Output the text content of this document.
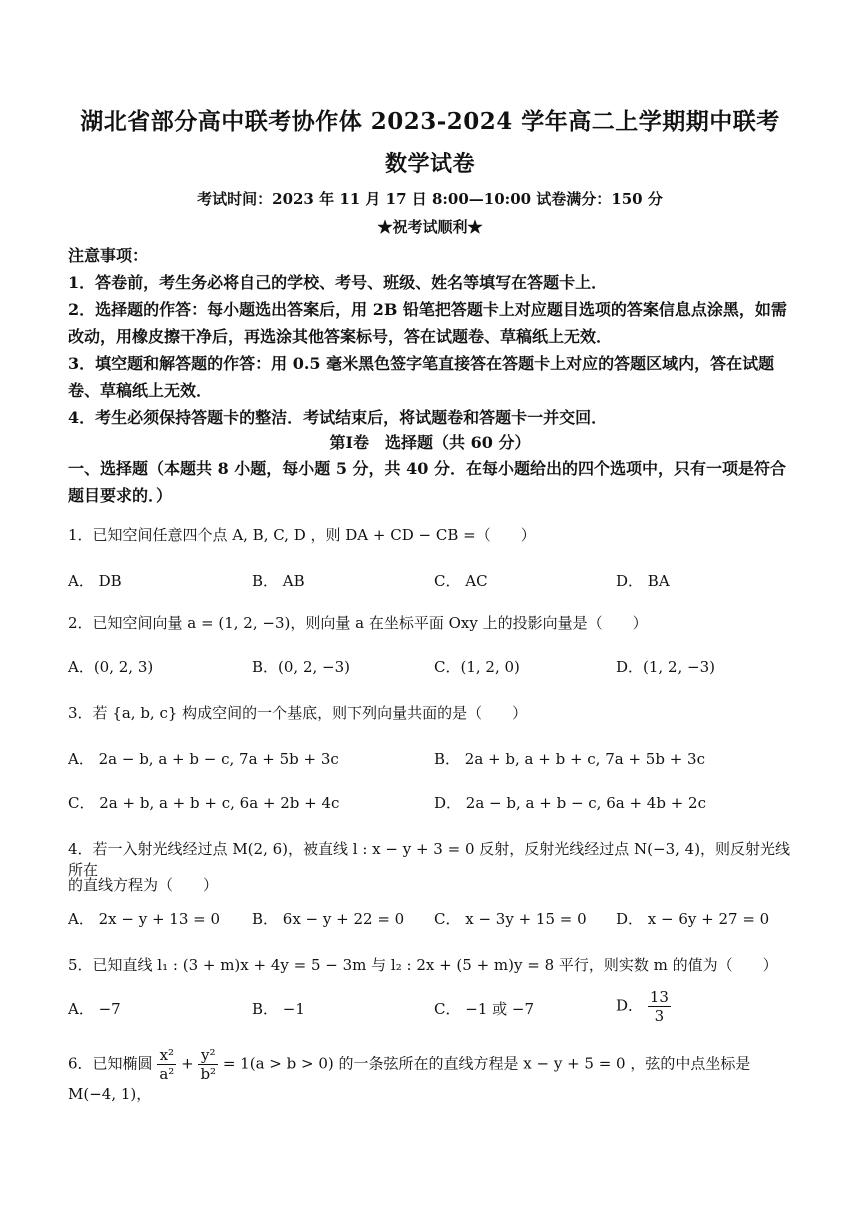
湖北省部分高中联考协作体 2023-2024 学年高二上学期期中联考
数学试卷
考试时间：2023 年 11 月 17 日 8:00—10:00 试卷满分：150 分
★祝考试顺利★

注意事项：

1．答卷前，考生务必将自己的学校、考号、班级、姓名等填写在答题卡上．

2．选择题的作答：每小题选出答案后，用 2B 铅笔把答题卡上对应题目选项的答案信息点涂黑，如需改动，用橡皮擦干净后，再选涂其他答案标号，答在试题卷、草稿纸上无效．

3．填空题和解答题的作答：用 0.5 毫米黑色签字笔直接答在答题卡上对应的答题区域内，答在试题卷、草稿纸上无效．

4．考生必须保持答题卡的整洁．考试结束后，将试题卷和答题卡一并交回．

第Ⅰ卷　选择题（共 60 分）
一、选择题（本题共 8 小题，每小题 5 分，共 40 分．在每小题给出的四个选项中，只有一项是符合题目要求的．）
1．已知空间任意四个点 A, B, C, D ，则 DA + CD − CB =（　　）
A． DB	B． AB	C． AC	D． BA
2．已知空间向量 a = (1, 2, −3)，则向量 a 在坐标平面 Oxy 上的投影向量是（　　）
A．(0, 2, 3)	B．(0, 2, −3)	C．(1, 2, 0)	D．(1, 2, −3)
3．若 {a, b, c} 构成空间的一个基底，则下列向量共面的是（　　）
A． 2a − b, a + b − c, 7a + 5b + 3c	B． 2a + b, a + b + c, 7a + 5b + 3c
C． 2a + b, a + b + c, 6a + 2b + 4c	D． 2a − b, a + b − c, 6a + 4b + 2c
4．若一入射光线经过点 M(2, 6)，被直线 l : x − y + 3 = 0 反射，反射光线经过点 N(−3, 4)，则反射光线所在
的直线方程为（　　）
A． 2x − y + 13 = 0 B． 6x − y + 22 = 0 C． x − 3y + 15 = 0 D． x − 6y + 27 = 0
5．已知直线 l₁ : (3 + m)x + 4y = 5 − 3m 与 l₂ : 2x + (5 + m)y = 8 平行，则实数 m 的值为（　　）
A． −7	B． −1	C． −1 或 −7	D． $\frac{13}{3}$
6．已知椭圆 $\frac{\text{x²}}{\text{a²}} + \frac{\text{y²}}{\text{b²}} = 1(a > b > 0)$ 的一条弦所在的直线方程是 x − y + 5 = 0 ，弦的中点坐标是 M(−4, 1)，
